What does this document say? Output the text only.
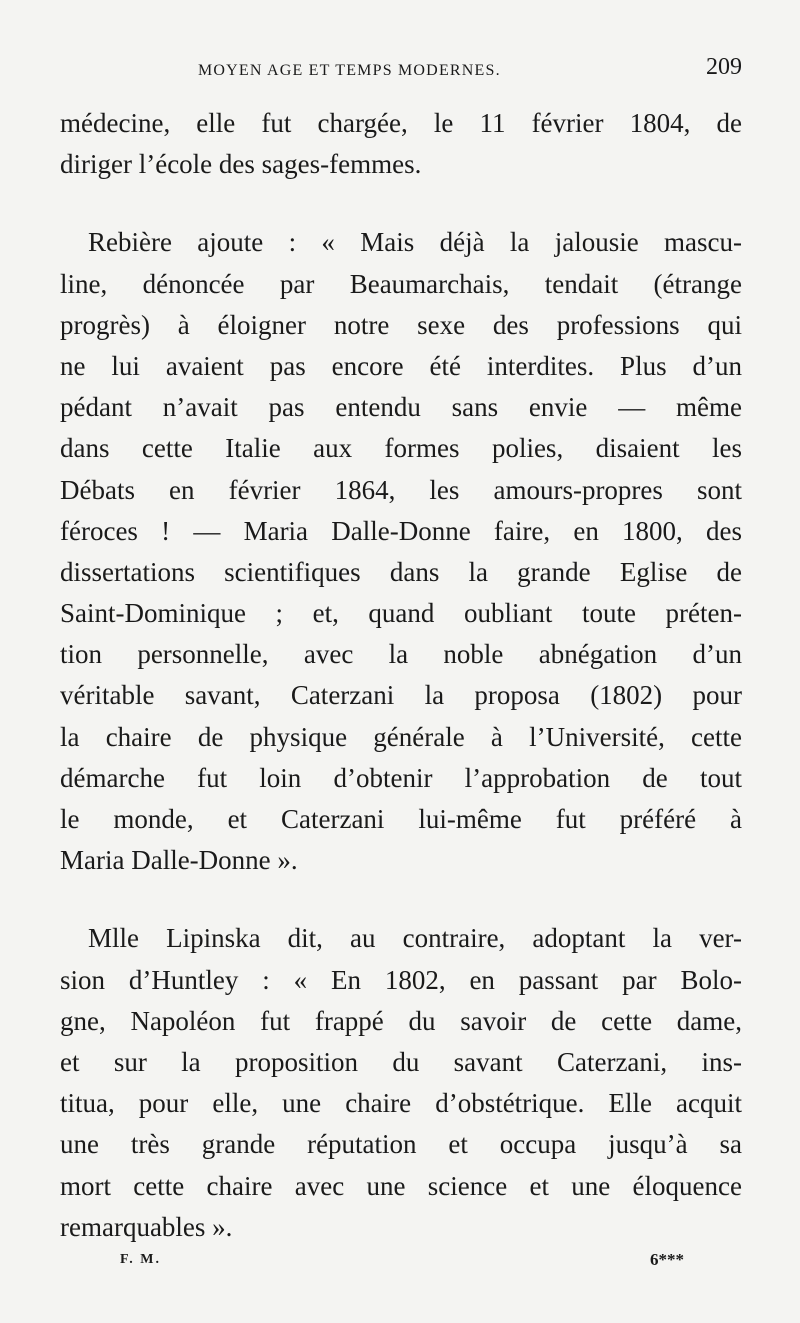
MOYEN AGE ET TEMPS MODERNES.	209
médecine, elle fut chargée, le 11 février 1804, de
diriger l’école des sages-femmes.
Rebière ajoute : « Mais déjà la jalousie mascu-
line, dénoncée par Beaumarchais, tendait (étrange
progrès) à éloigner notre sexe des professions qui
ne lui avaient pas encore été interdites. Plus d’un
pédant n’avait pas entendu sans envie — même
dans cette Italie aux formes polies, disaient les
Débats en février 1864, les amours-propres sont
féroces ! — Maria Dalle-Donne faire, en 1800, des
dissertations scientifiques dans la grande Eglise de
Saint-Dominique ; et, quand oubliant toute préten-
tion personnelle, avec la noble abnégation d’un
véritable savant, Caterzani la proposa (1802) pour
la chaire de physique générale à l’Université, cette
démarche fut loin d’obtenir l’approbation de tout
le monde, et Caterzani lui-même fut préféré à
Maria Dalle-Donne ».
Mlle Lipinska dit, au contraire, adoptant la ver-
sion d’Huntley : « En 1802, en passant par Bolo-
gne, Napoléon fut frappé du savoir de cette dame,
et sur la proposition du savant Caterzani, ins-
titua, pour elle, une chaire d’obstétrique. Elle acquit
une très grande réputation et occupa jusqu’à sa
mort cette chaire avec une science et une éloquence
remarquables ».
F. M.	6***
